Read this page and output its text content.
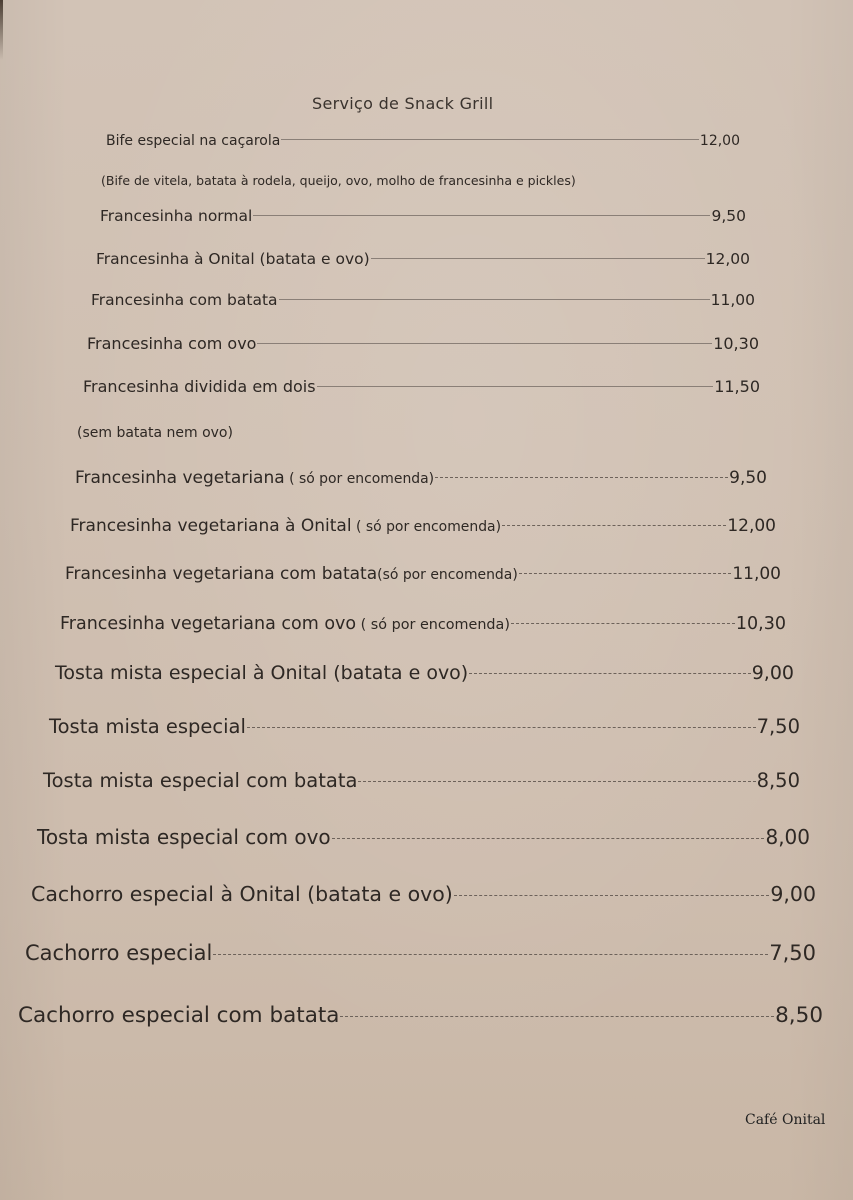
Serviço de Snack Grill
Bife especial na caçarola	12,00
(Bife de vitela, batata à rodela, queijo, ovo, molho de francesinha e pickles)
Francesinha normal	9,50
Francesinha à Onital (batata e ovo)	12,00
Francesinha com batata	11,00
Francesinha com ovo	10,30
Francesinha dividida em dois	11,50
(sem batata nem ovo)
Francesinha vegetariana ( só por encomenda)	9,50
Francesinha vegetariana à Onital ( só por encomenda)	12,00
Francesinha vegetariana com batata(só por encomenda)	11,00
Francesinha vegetariana com ovo ( só por encomenda)	10,30
Tosta mista especial à Onital (batata e ovo)	9,00
Tosta mista especial	7,50
Tosta mista especial com batata	8,50
Tosta mista especial com ovo	8,00
Cachorro especial à Onital (batata e ovo)	9,00
Cachorro especial	7,50
Cachorro especial com batata	8,50
Café Onital
